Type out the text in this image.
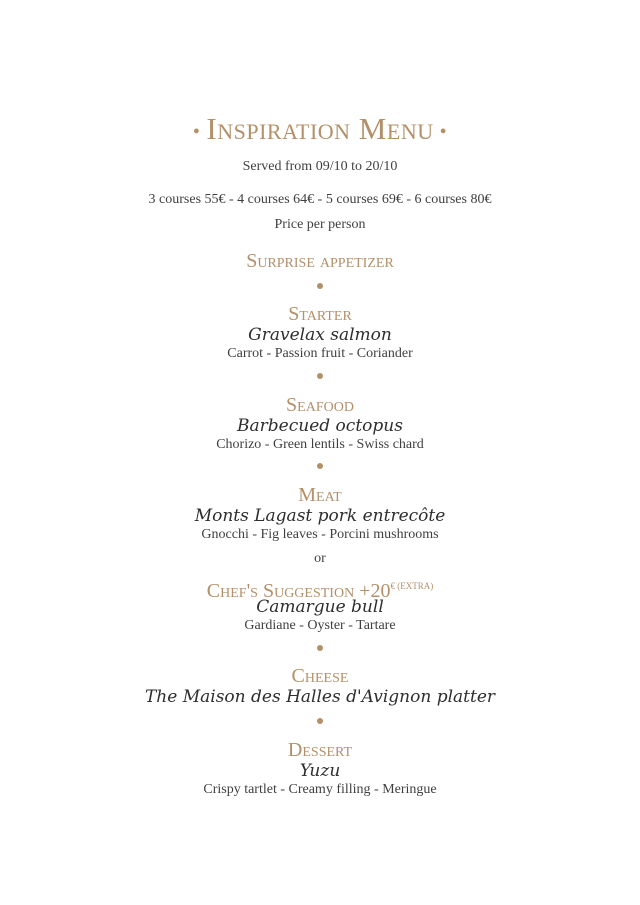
• Inspiration Menu •
Served from 09/10 to 20/10
3 courses 55€ - 4 courses 64€ - 5 courses 69€ - 6 courses 80€
Price per person
Surprise appetizer
Starter
Gravelax salmon
Carrot - Passion fruit - Coriander
Seafood
Barbecued octopus
Chorizo - Green lentils - Swiss chard
Meat
Monts Lagast pork entrecôte
Gnocchi - Fig leaves - Porcini mushrooms
or
Chef's Suggestion $+20^{€ (EXTRA)}$
Camargue bull
Gardiane - Oyster - Tartare
Cheese
The Maison des Halles d'Avignon platter
Dessert
Yuzu
Crispy tartlet - Creamy filling - Meringue
